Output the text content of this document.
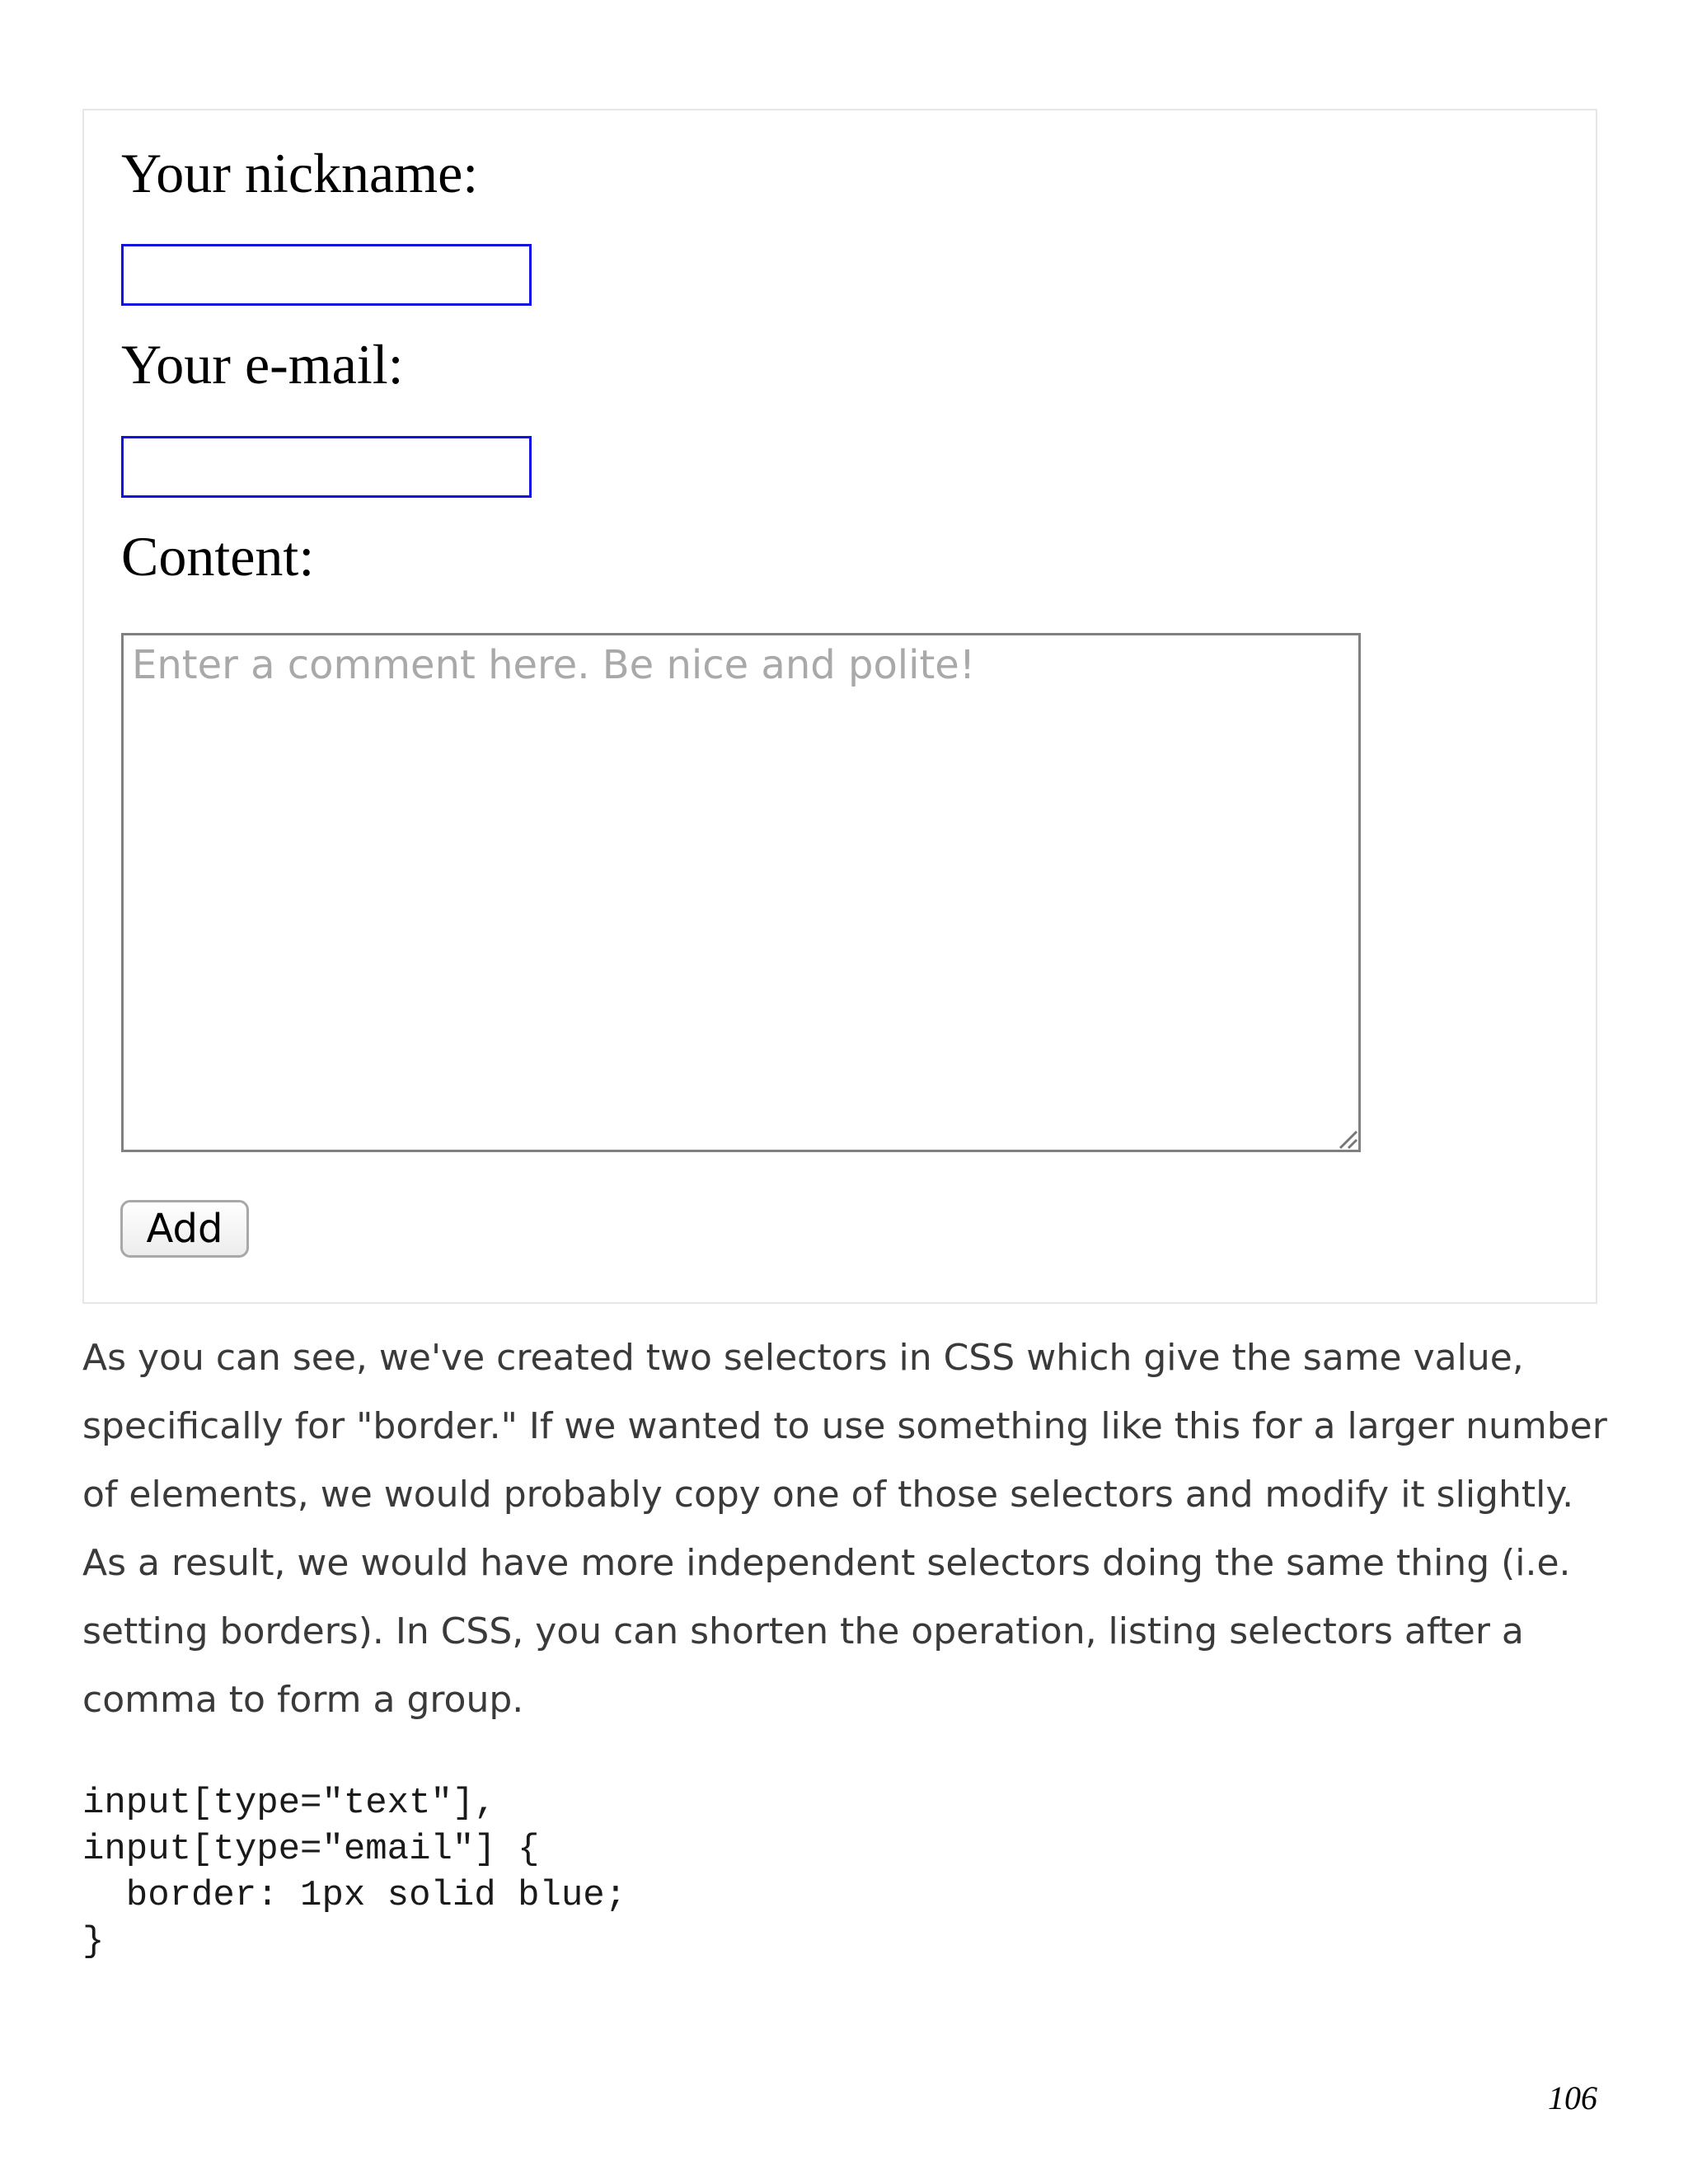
Your nickname:
Your e-mail:
Content:
Enter a comment here. Be nice and polite!
Add

As you can see, we've created two selectors in CSS which give the same value, specifically for "border." If we wanted to use something like this for a larger number of elements, we would probably copy one of those selectors and modify it slightly. As a result, we would have more independent selectors doing the same thing (i.e. setting borders). In CSS, you can shorten the operation, listing selectors after a comma to form a group.

input[type="text"],
input[type="email"] {
border: 1px solid blue;
}
106
